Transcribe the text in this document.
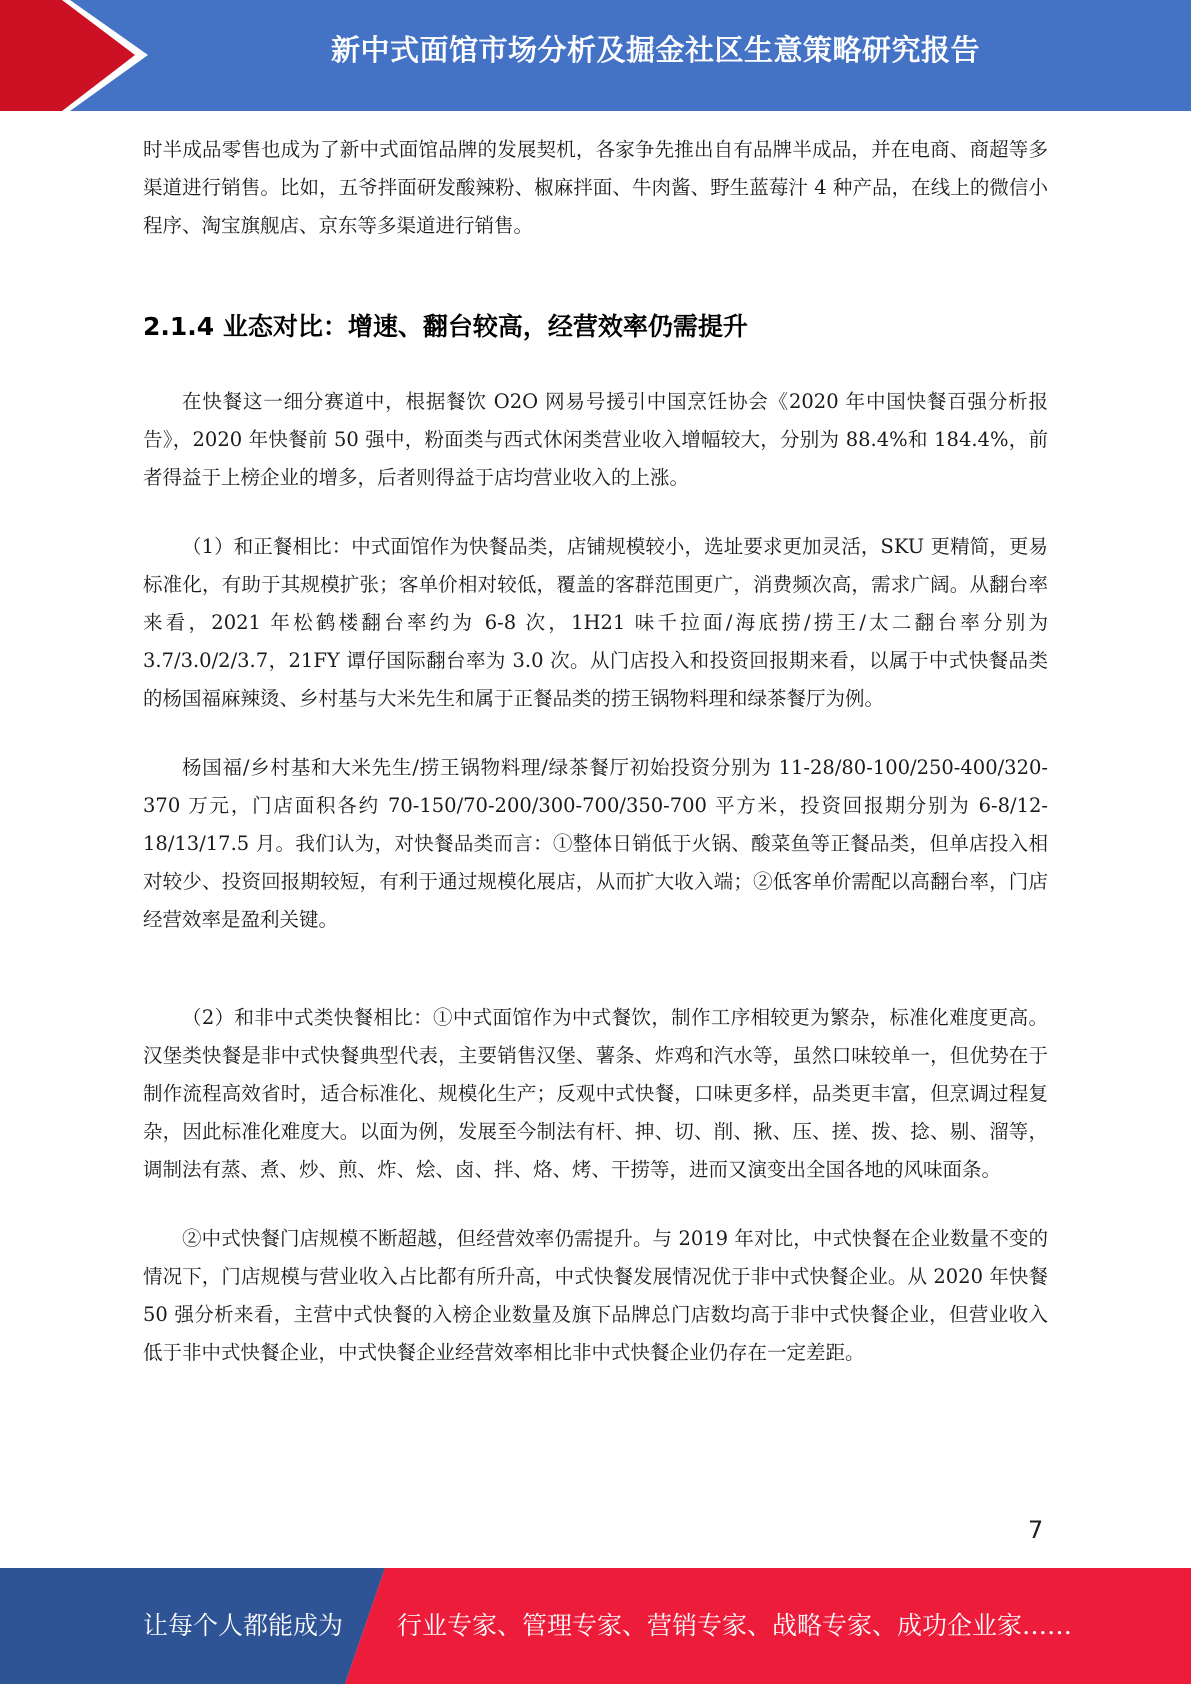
新中式面馆市场分析及掘金社区生意策略研究报告

时半成品零售也成为了新中式面馆品牌的发展契机，各家争先推出自有品牌半成品，并在电商、商超等多渠道进行销售。比如，五爷拌面研发酸辣粉、椒麻拌面、牛肉酱、野生蓝莓汁 4 种产品，在线上的微信小程序、淘宝旗舰店、京东等多渠道进行销售。

2.1.4 业态对比：增速、翻台较高，经营效率仍需提升

在快餐这一细分赛道中，根据餐饮 O2O 网易号援引中国烹饪协会《2020 年中国快餐百强分析报告》，2020 年快餐前 50 强中，粉面类与西式休闲类营业收入增幅较大，分别为 88.4%和 184.4%，前者得益于上榜企业的增多，后者则得益于店均营业收入的上涨。

（1）和正餐相比：中式面馆作为快餐品类，店铺规模较小，选址要求更加灵活，SKU 更精简，更易标准化，有助于其规模扩张；客单价相对较低，覆盖的客群范围更广，消费频次高，需求广阔。从翻台率来看，2021 年松鹤楼翻台率约为 6-8 次，1H21 味千拉面/海底捞/捞王/太二翻台率分别为 3.7/3.0/2/3.7，21FY 谭仔国际翻台率为 3.0 次。从门店投入和投资回报期来看，以属于中式快餐品类的杨国福麻辣烫、乡村基与大米先生和属于正餐品类的捞王锅物料理和绿茶餐厅为例。

杨国福/乡村基和大米先生/捞王锅物料理/绿茶餐厅初始投资分别为 11-28/80-100/250-400/320-370 万元，门店面积各约 70-150/70-200/300-700/350-700 平方米，投资回报期分别为 6-8/12-18/13/17.5 月。我们认为，对快餐品类而言：①整体日销低于火锅、酸菜鱼等正餐品类，但单店投入相对较少、投资回报期较短，有利于通过规模化展店，从而扩大收入端；②低客单价需配以高翻台率，门店经营效率是盈利关键。

（2）和非中式类快餐相比：①中式面馆作为中式餐饮，制作工序相较更为繁杂，标准化难度更高。汉堡类快餐是非中式快餐典型代表，主要销售汉堡、薯条、炸鸡和汽水等，虽然口味较单一，但优势在于制作流程高效省时，适合标准化、规模化生产；反观中式快餐，口味更多样，品类更丰富，但烹调过程复杂，因此标准化难度大。以面为例，发展至今制法有杆、抻、切、削、揪、压、搓、拨、捻、剔、溜等，调制法有蒸、煮、炒、煎、炸、烩、卤、拌、烙、烤、干捞等，进而又演变出全国各地的风味面条。

②中式快餐门店规模不断超越，但经营效率仍需提升。与 2019 年对比，中式快餐在企业数量不变的情况下，门店规模与营业收入占比都有所升高，中式快餐发展情况优于非中式快餐企业。从 2020 年快餐 50 强分析来看，主营中式快餐的入榜企业数量及旗下品牌总门店数均高于非中式快餐企业，但营业收入低于非中式快餐企业，中式快餐企业经营效率相比非中式快餐企业仍存在一定差距。

7
让每个人都能成为 行业专家、管理专家、营销专家、战略专家、成功企业家……
